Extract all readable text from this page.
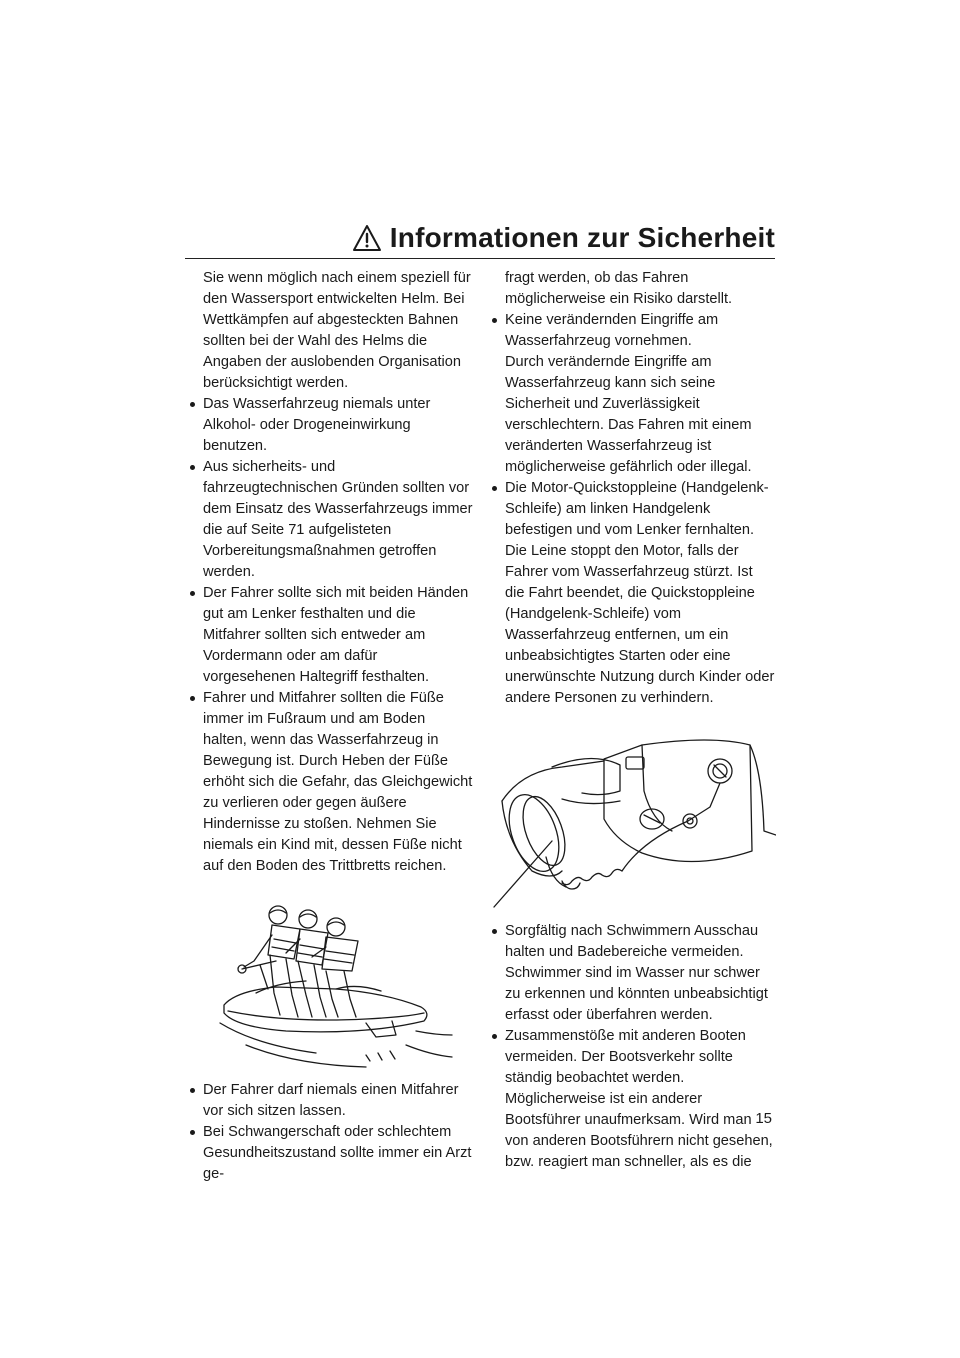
Informationen zur Sicherheit

Sie wenn möglich nach einem speziell für den Wassersport entwickelten Helm. Bei Wettkämpfen auf abgesteckten Bahnen sollten bei der Wahl des Helms die Angaben der auslobenden Organisation berücksichtigt werden.

Das Wasserfahrzeug niemals unter Alkohol- oder Drogeneinwirkung benutzen.

Aus sicherheits- und fahrzeugtechnischen Gründen sollten vor dem Einsatz des Wasserfahrzeugs immer die auf Seite 71 aufgelisteten Vorbereitungsmaßnahmen getroffen werden.

Der Fahrer sollte sich mit beiden Händen gut am Lenker festhalten und die Mitfahrer sollten sich entweder am Vordermann oder am dafür vorgesehenen Haltegriff festhalten.

Fahrer und Mitfahrer sollten die Füße immer im Fußraum und am Boden halten, wenn das Wasserfahrzeug in Bewegung ist. Durch Heben der Füße erhöht sich die Gefahr, das Gleichgewicht zu verlieren oder gegen äußere Hindernisse zu stoßen. Nehmen Sie niemals ein Kind mit, dessen Füße nicht auf den Boden des Trittbretts reichen.

Der Fahrer darf niemals einen Mitfahrer vor sich sitzen lassen.

Bei Schwangerschaft oder schlechtem Gesundheitszustand sollte immer ein Arzt ge-

fragt werden, ob das Fahren möglicherweise ein Risiko darstellt.

Keine verändernden Eingriffe am Wasserfahrzeug vornehmen.

Durch verändernde Eingriffe am Wasserfahrzeug kann sich seine Sicherheit und Zuverlässigkeit verschlechtern. Das Fahren mit einem veränderten Wasserfahrzeug ist möglicherweise gefährlich oder illegal.

Die Motor-Quickstoppleine (Handgelenk-Schleife) am linken Handgelenk befestigen und vom Lenker fernhalten. Die Leine stoppt den Motor, falls der Fahrer vom Wasserfahrzeug stürzt. Ist die Fahrt beendet, die Quickstoppleine (Handgelenk-Schleife) vom Wasserfahrzeug entfernen, um ein unbeabsichtigtes Starten oder eine unerwünschte Nutzung durch Kinder oder andere Personen zu verhindern.

Sorgfältig nach Schwimmern Ausschau halten und Badebereiche vermeiden. Schwimmer sind im Wasser nur schwer zu erkennen und könnten unbeabsichtigt erfasst oder überfahren werden.

Zusammenstöße mit anderen Booten vermeiden. Der Bootsverkehr sollte ständig beobachtet werden. Möglicherweise ist ein anderer Bootsführer unaufmerksam. Wird man von anderen Bootsführern nicht gesehen, bzw. reagiert man schneller, als es die

15
